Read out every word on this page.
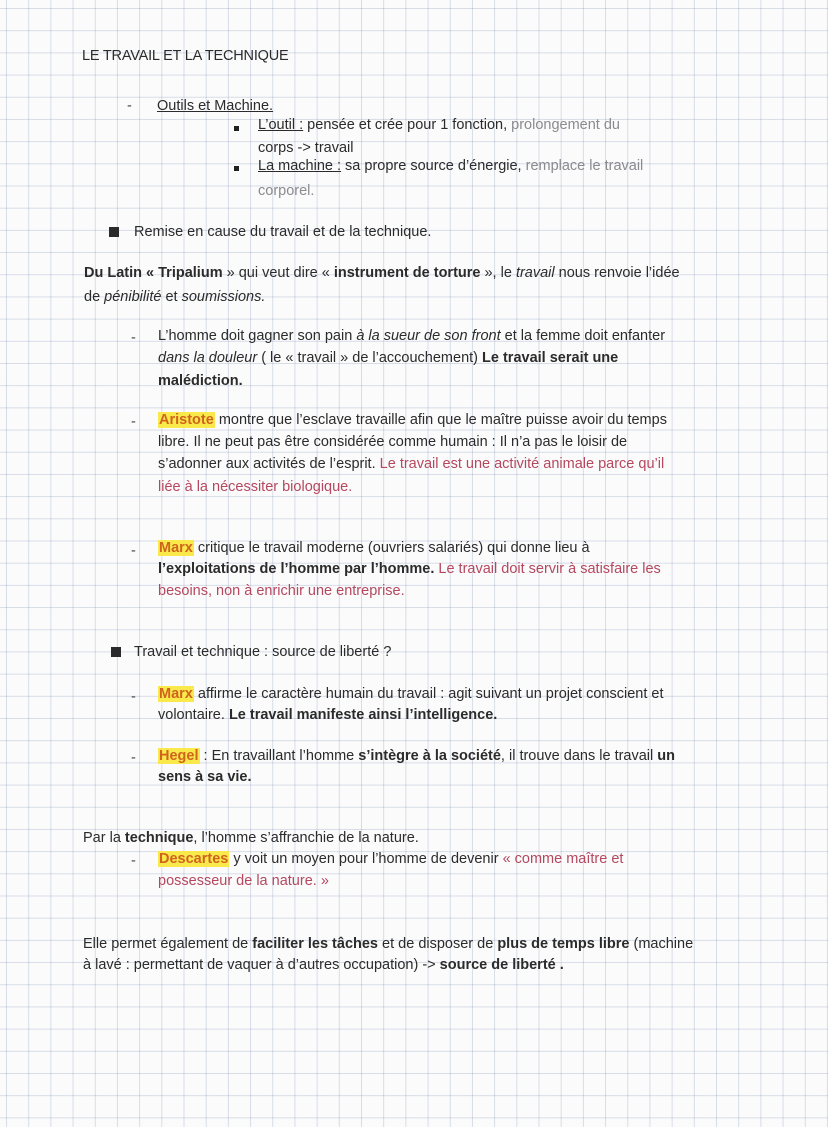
LE TRAVAIL ET LA TECHNIQUE
- Outils et Machine.
L’outil : pensée et crée pour 1 fonction, prolongement du
corps -> travail
La machine : sa propre source d’énergie, remplace le travail
corporel.
Remise en cause du travail et de la technique.
Du Latin « Tripalium » qui veut dire « instrument de torture », le travail nous renvoie l’idée
de pénibilité et soumissions.
- L’homme doit gagner son pain à la sueur de son front et la femme doit enfanter
dans la douleur ( le « travail » de l’accouchement) Le travail serait une
malédiction.
- Aristote montre que l’esclave travaille afin que le maître puisse avoir du temps
libre. Il ne peut pas être considérée comme humain : Il n’a pas le loisir de
s’adonner aux activités de l’esprit. Le travail est une activité animale parce qu’il
liée à la nécessiter biologique.
- Marx critique le travail moderne (ouvriers salariés) qui donne lieu à
l’exploitations de l’homme par l’homme. Le travail doit servir à satisfaire les
besoins, non à enrichir une entreprise.
Travail et technique : source de liberté ?
- Marx affirme le caractère humain du travail : agit suivant un projet conscient et
volontaire. Le travail manifeste ainsi l’intelligence.
- Hegel : En travaillant l’homme s’intègre à la société, il trouve dans le travail un
sens à sa vie.
Par la technique, l’homme s’affranchie de la nature.
- Descartes y voit un moyen pour l’homme de devenir « comme maître et
possesseur de la nature. »
Elle permet également de faciliter les tâches et de disposer de plus de temps libre (machine
à lavé : permettant de vaquer à d’autres occupation) -> source de liberté .
